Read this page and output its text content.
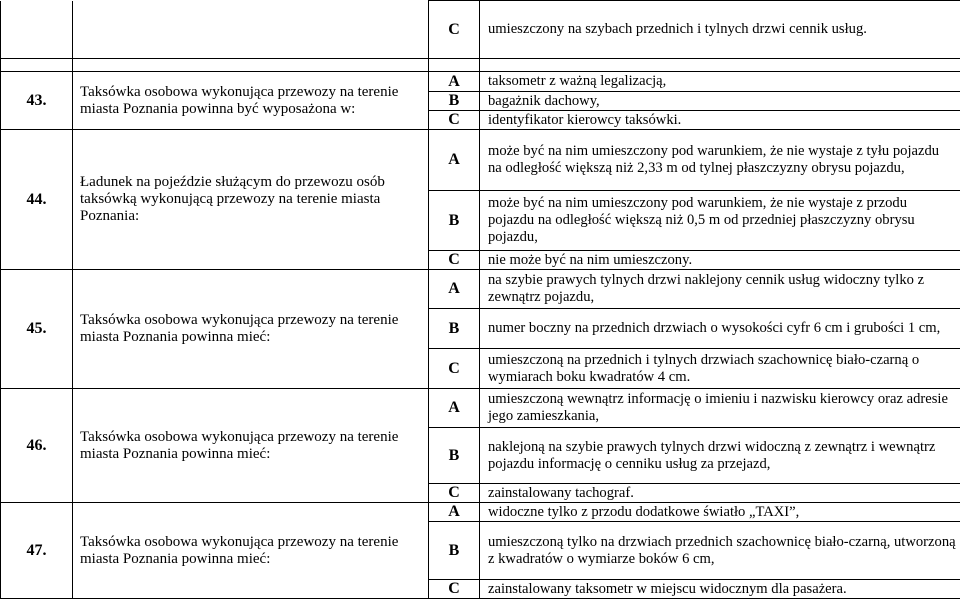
		C	umieszczony na szybach przednich i tylnych drzwi cennik usług.

43.	Taksówka osobowa wykonująca przewozy na terenie miasta Poznania powinna być wyposażona w:	A	taksometr z ważną legalizacją,
		B	bagażnik dachowy,
		C	identyfikator kierowcy taksówki.
44.	Ładunek na pojeździe służącym do przewozu osób taksówką wykonującą przewozy na terenie miasta Poznania:	A	może być na nim umieszczony pod warunkiem, że nie wystaje z tyłu pojazdu na odległość większą niż 2,33 m od tylnej płaszczyzny obrysu pojazdu,
		B	może być na nim umieszczony pod warunkiem, że nie wystaje z przodu pojazdu na odległość większą niż 0,5 m od przedniej płaszczyzny obrysu pojazdu,
		C	nie może być na nim umieszczony.
45.	Taksówka osobowa wykonująca przewozy na terenie miasta Poznania powinna mieć:	A	na szybie prawych tylnych drzwi naklejony cennik usług widoczny tylko z zewnątrz pojazdu,
		B	numer boczny na przednich drzwiach o wysokości cyfr 6 cm i grubości 1 cm,
		C	umieszczoną na przednich i tylnych drzwiach szachownicę biało-czarną o wymiarach boku kwadratów 4 cm.
46.	Taksówka osobowa wykonująca przewozy na terenie miasta Poznania powinna mieć:	A	umieszczoną wewnątrz informację o imieniu i nazwisku kierowcy oraz adresie jego zamieszkania,
		B	naklejoną na szybie prawych tylnych drzwi widoczną z zewnątrz i wewnątrz pojazdu informację o cenniku usług za przejazd,
		C	zainstalowany tachograf.
47.	Taksówka osobowa wykonująca przewozy na terenie miasta Poznania powinna mieć:	A	widoczne tylko z przodu dodatkowe światło „TAXI”,
		B	umieszczoną tylko na drzwiach przednich szachownicę biało-czarną, utworzoną z kwadratów o wymiarze boków 6 cm,
		C	zainstalowany taksometr w miejscu widocznym dla pasażera.
